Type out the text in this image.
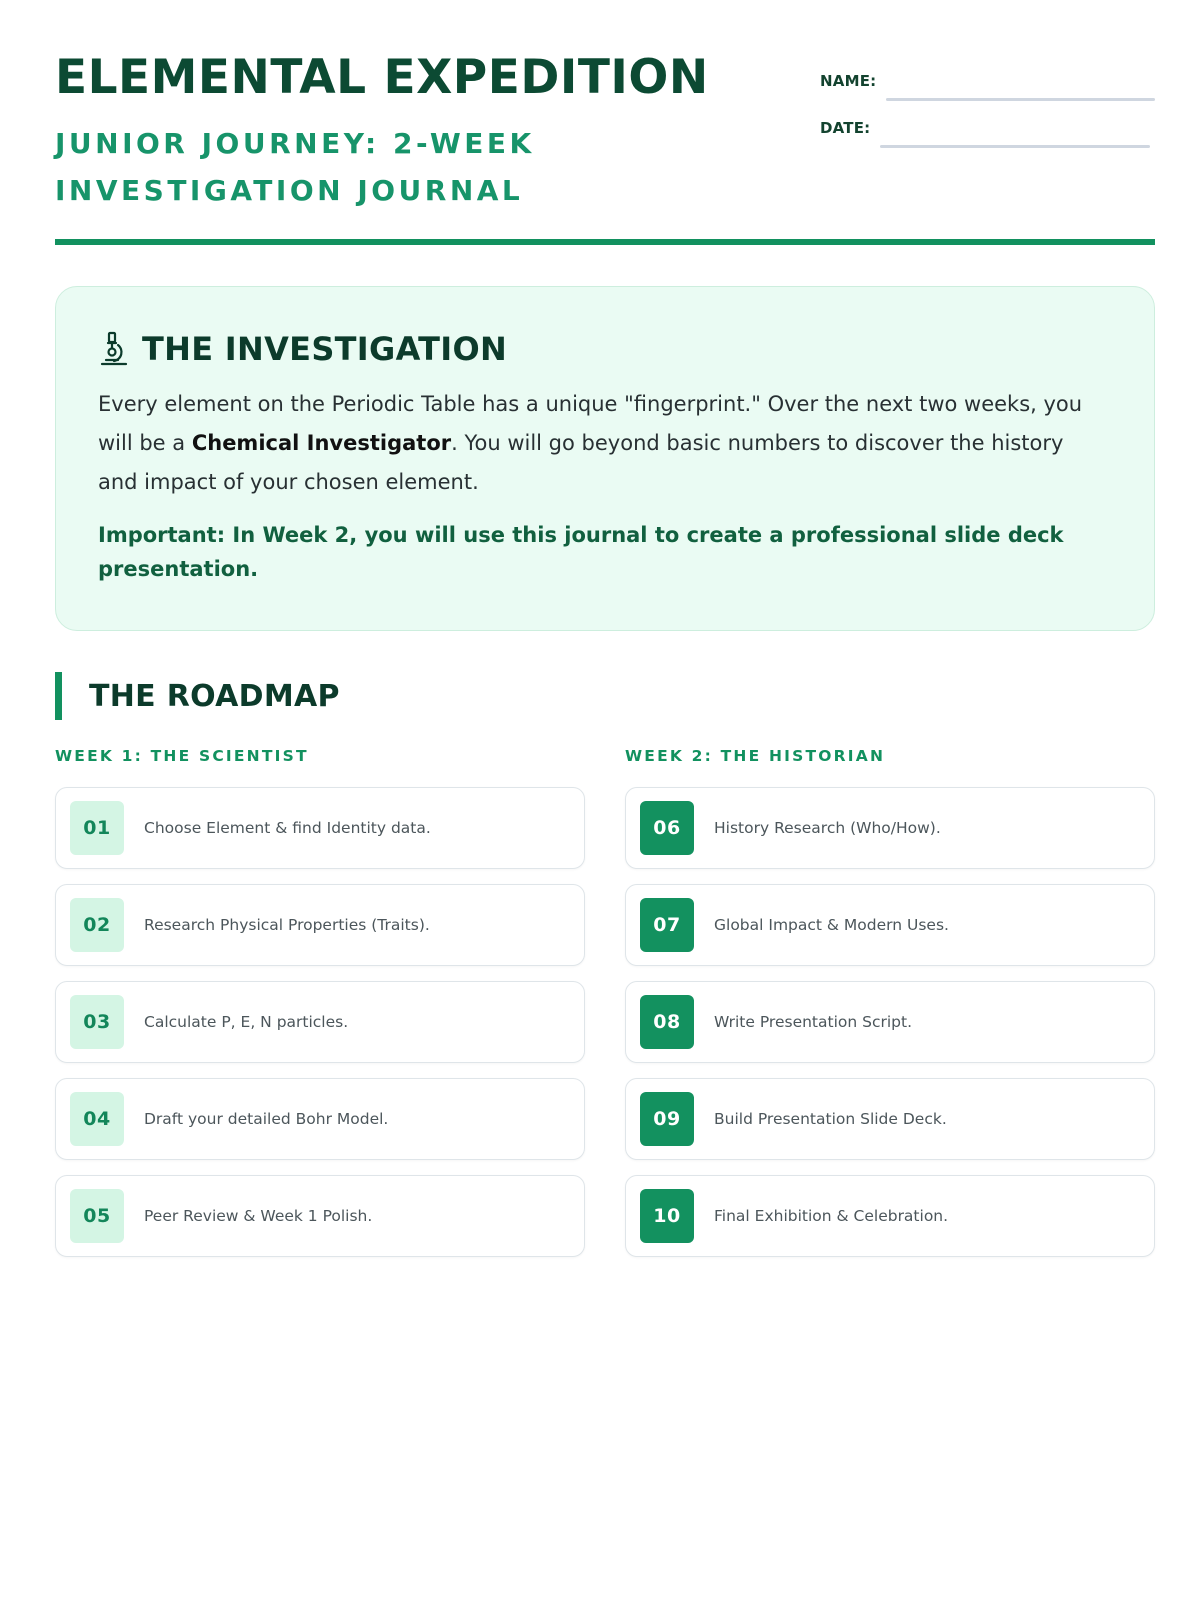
ELEMENTAL EXPEDITION
JUNIOR JOURNEY: 2-WEEK INVESTIGATION JOURNAL
NAME:
DATE:
THE INVESTIGATION

Every element on the Periodic Table has a unique "fingerprint." Over the next two weeks, you will be a Chemical Investigator. You will go beyond basic numbers to discover the history and impact of your chosen element.

Important: In Week 2, you will use this journal to create a professional slide deck presentation.

THE ROADMAP
WEEK 1: THE SCIENTIST
01	Choose Element & find Identity data.
02	Research Physical Properties (Traits).
03	Calculate P, E, N particles.
04	Draft your detailed Bohr Model.
05	Peer Review & Week 1 Polish.
WEEK 2: THE HISTORIAN
06	History Research (Who/How).
07	Global Impact & Modern Uses.
08	Write Presentation Script.
09	Build Presentation Slide Deck.
10	Final Exhibition & Celebration.
